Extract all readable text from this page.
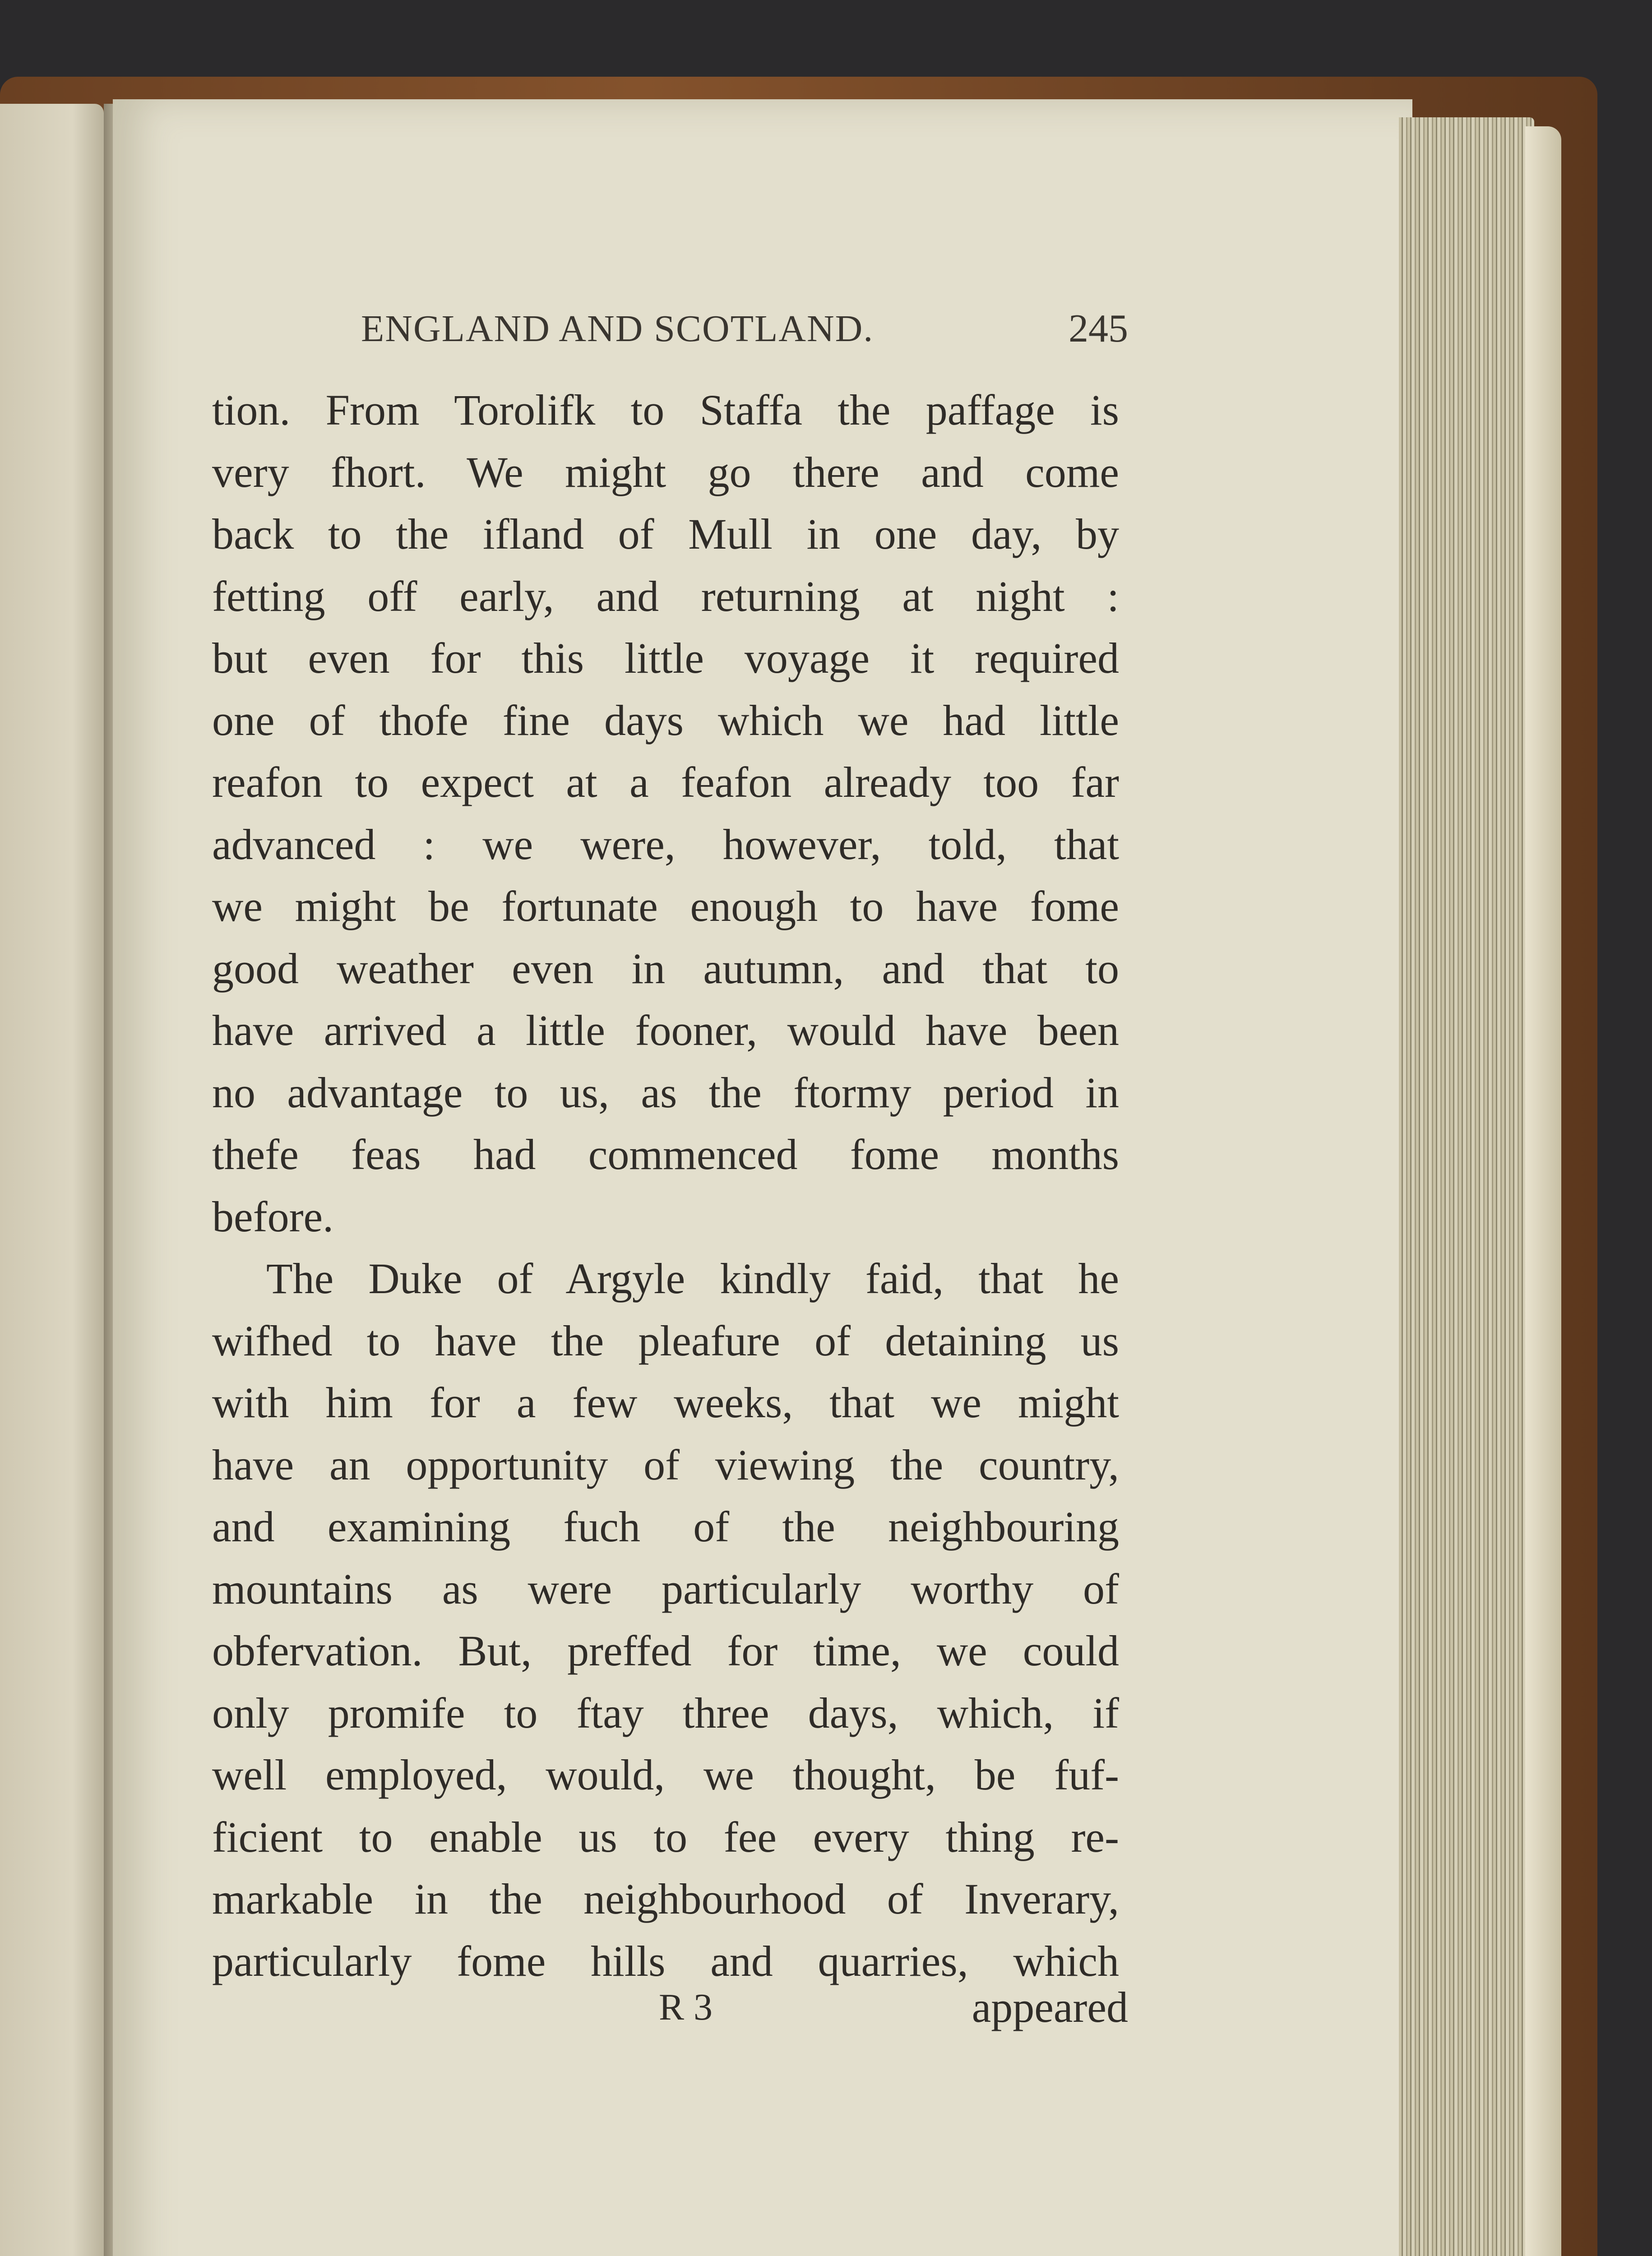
ENGLAND AND SCOTLAND.	245
tion. From Torolifk to Staffa the paffage is
very fhort. We might go there and come
back to the ifland of Mull in one day, by
fetting off early, and returning at night :
but even for this little voyage it required
one of thofe fine days which we had little
reafon to expect at a feafon already too far
advanced : we were, however, told, that
we might be fortunate enough to have fome
good weather even in autumn, and that to
have arrived a little fooner, would have been
no advantage to us, as the ftormy period in
thefe feas had commenced fome months
before.
The Duke of Argyle kindly faid, that he
wifhed to have the pleafure of detaining us
with him for a few weeks, that we might
have an opportunity of viewing the country,
and examining fuch of the neighbouring
mountains as were particularly worthy of
obfervation. But, preffed for time, we could
only promife to ftay three days, which, if
well employed, would, we thought, be fuf-
ficient to enable us to fee every thing re-
markable in the neighbourhood of Inverary,
particularly fome hills and quarries, which
R 3	appeared
